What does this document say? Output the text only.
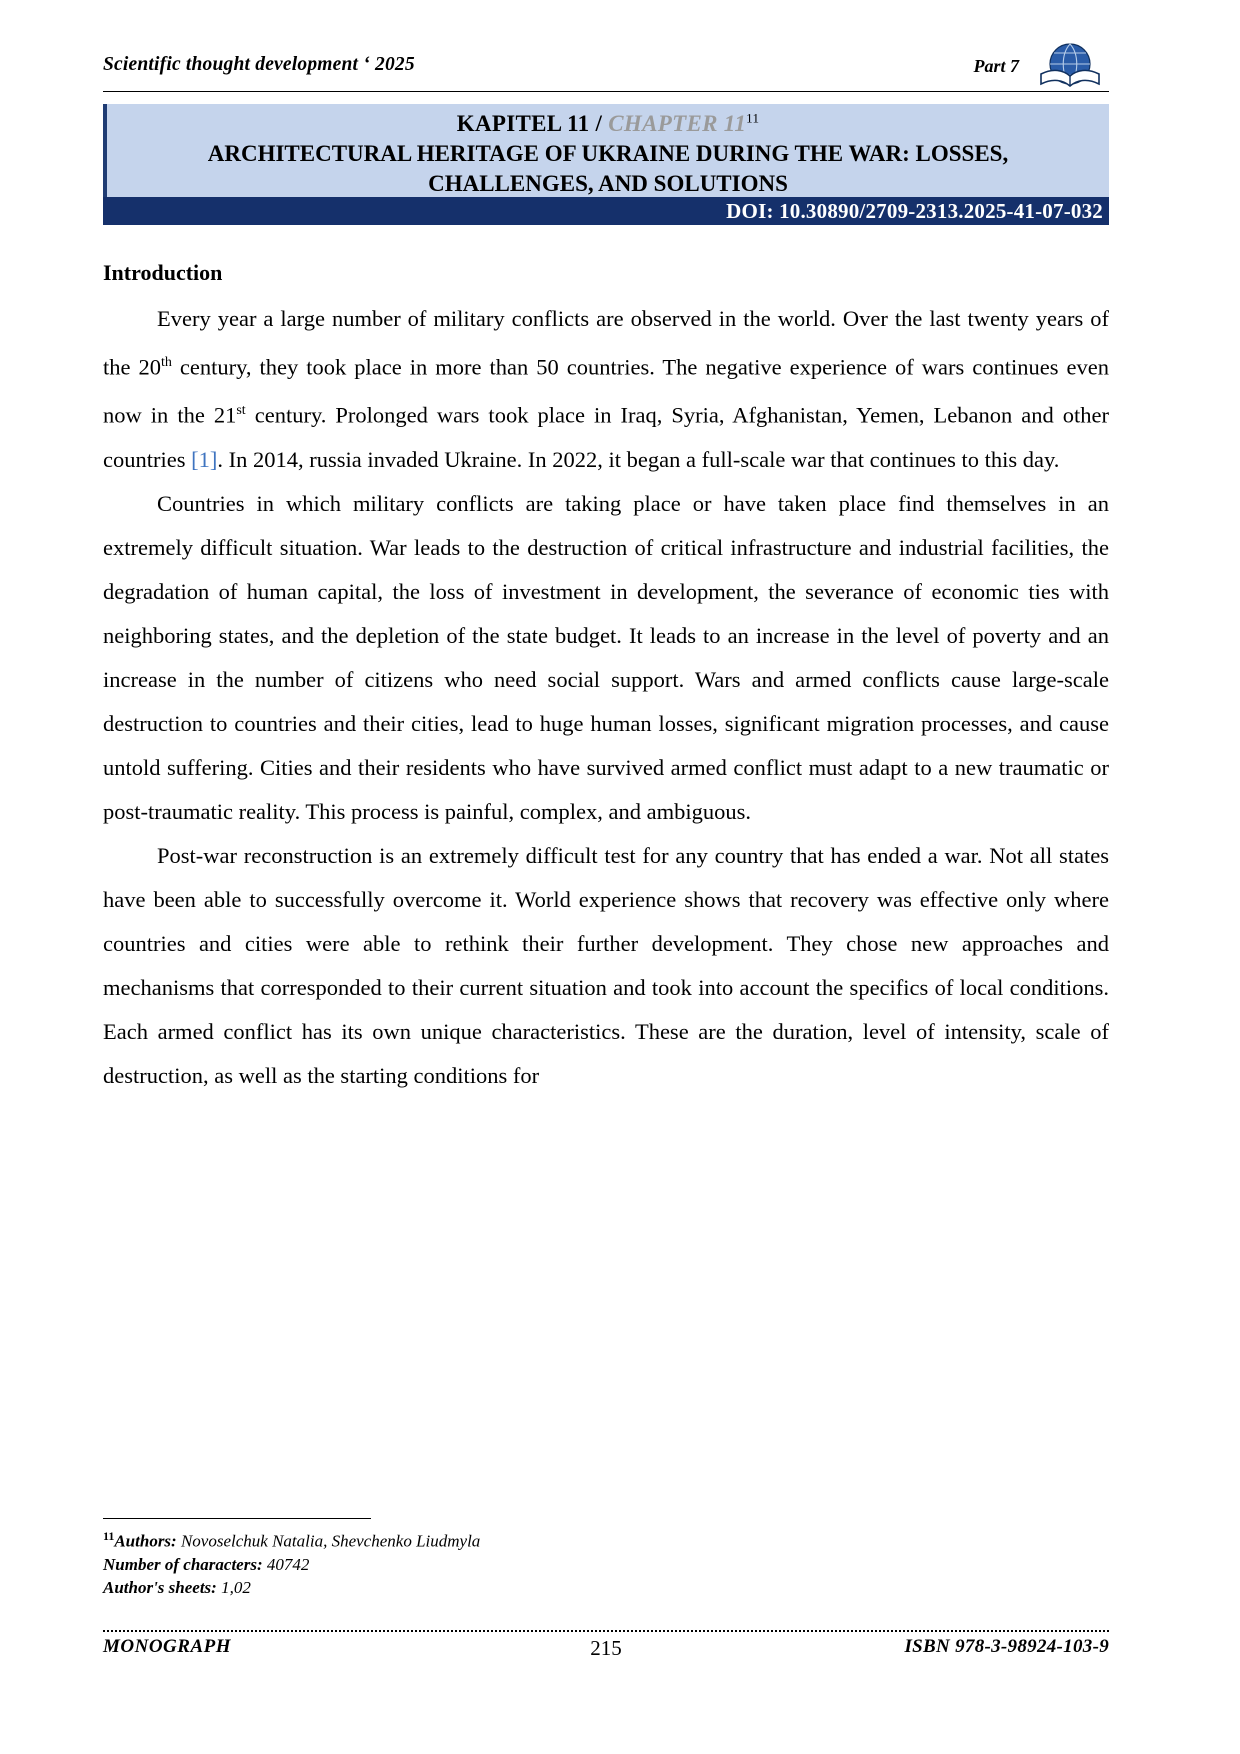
Scientific thought development ‘ 2025	Part 7
KAPITEL 11 / CHAPTER 11$^{11}$
ARCHITECTURAL HERITAGE OF UKRAINE DURING THE WAR: LOSSES, CHALLENGES, AND SOLUTIONS
DOI: 10.30890/2709-2313.2025-41-07-032
Introduction

Every year a large number of military conflicts are observed in the world. Over the last twenty years of the 20th century, they took place in more than 50 countries. The negative experience of wars continues even now in the 21st century. Prolonged wars took place in Iraq, Syria, Afghanistan, Yemen, Lebanon and other countries [1]. In 2014, russia invaded Ukraine. In 2022, it began a full-scale war that continues to this day.

Countries in which military conflicts are taking place or have taken place find themselves in an extremely difficult situation. War leads to the destruction of critical infrastructure and industrial facilities, the degradation of human capital, the loss of investment in development, the severance of economic ties with neighboring states, and the depletion of the state budget. It leads to an increase in the level of poverty and an increase in the number of citizens who need social support. Wars and armed conflicts cause large-scale destruction to countries and their cities, lead to huge human losses, significant migration processes, and cause untold suffering. Cities and their residents who have survived armed conflict must adapt to a new traumatic or post-traumatic reality. This process is painful, complex, and ambiguous.

Post-war reconstruction is an extremely difficult test for any country that has ended a war. Not all states have been able to successfully overcome it. World experience shows that recovery was effective only where countries and cities were able to rethink their further development. They chose new approaches and mechanisms that corresponded to their current situation and took into account the specifics of local conditions. Each armed conflict has its own unique characteristics. These are the duration, level of intensity, scale of destruction, as well as the starting conditions for

$^{11}$Authors: Novoselchuk Natalia, Shevchenko Liudmyla
Number of characters: 40742
Author's sheets: 1,02
MONOGRAPH	215	ISBN 978-3-98924-103-9
